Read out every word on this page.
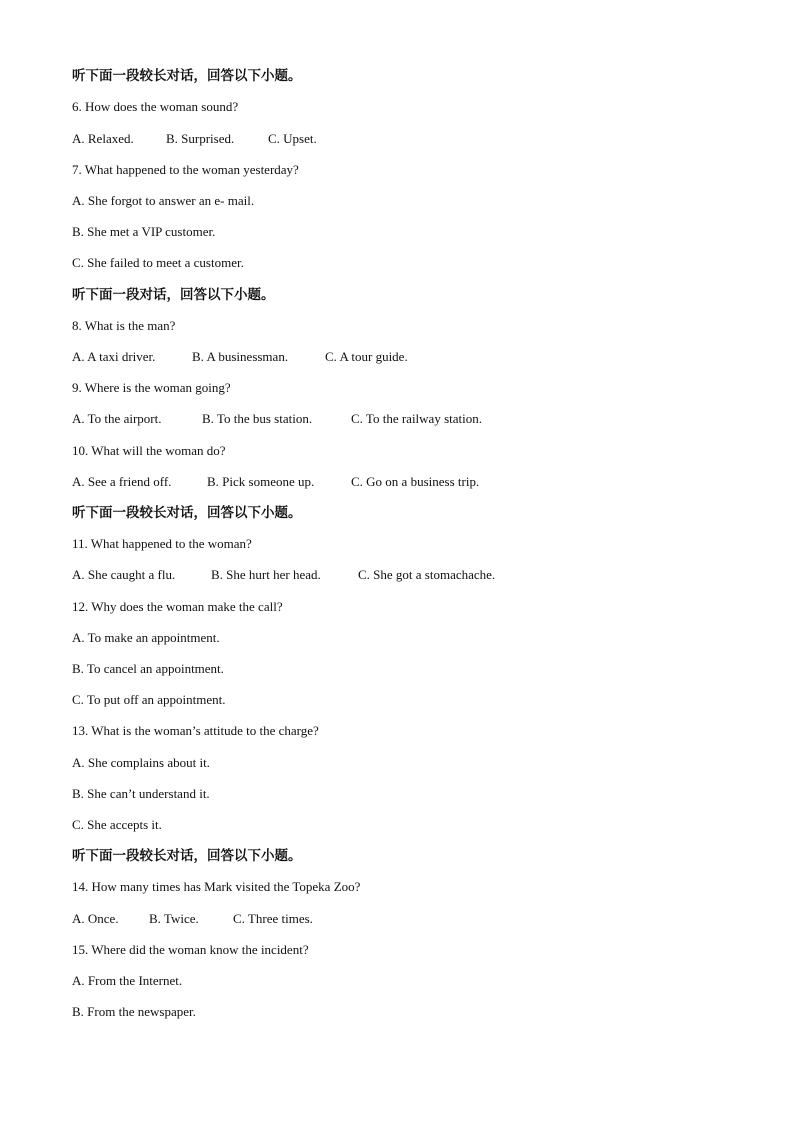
听下面一段较长对话，回答以下小题。
6. How does the woman sound?
A. Relaxed.	B. Surprised.	C. Upset.
7. What happened to the woman yesterday?
A. She forgot to answer an e- mail.
B. She met a VIP customer.
C. She failed to meet a customer.
听下面一段对话，回答以下小题。
8. What is the man?
A. A taxi driver.	B. A businessman.	C. A tour guide.
9. Where is the woman going?
A. To the airport.	B. To the bus station.	C. To the railway station.
10. What will the woman do?
A. See a friend off.	B. Pick someone up.	C. Go on a business trip.
听下面一段较长对话，回答以下小题。
11. What happened to the woman?
A. She caught a flu.	B. She hurt her head.	C. She got a stomachache.
12. Why does the woman make the call?
A. To make an appointment.
B. To cancel an appointment.
C. To put off an appointment.
13. What is the woman’s attitude to the charge?
A. She complains about it.
B. She can’t understand it.
C. She accepts it.
听下面一段较长对话，回答以下小题。
14. How many times has Mark visited the Topeka Zoo?
A. Once.	B. Twice.	C. Three times.
15. Where did the woman know the incident?
A. From the Internet.
B. From the newspaper.
